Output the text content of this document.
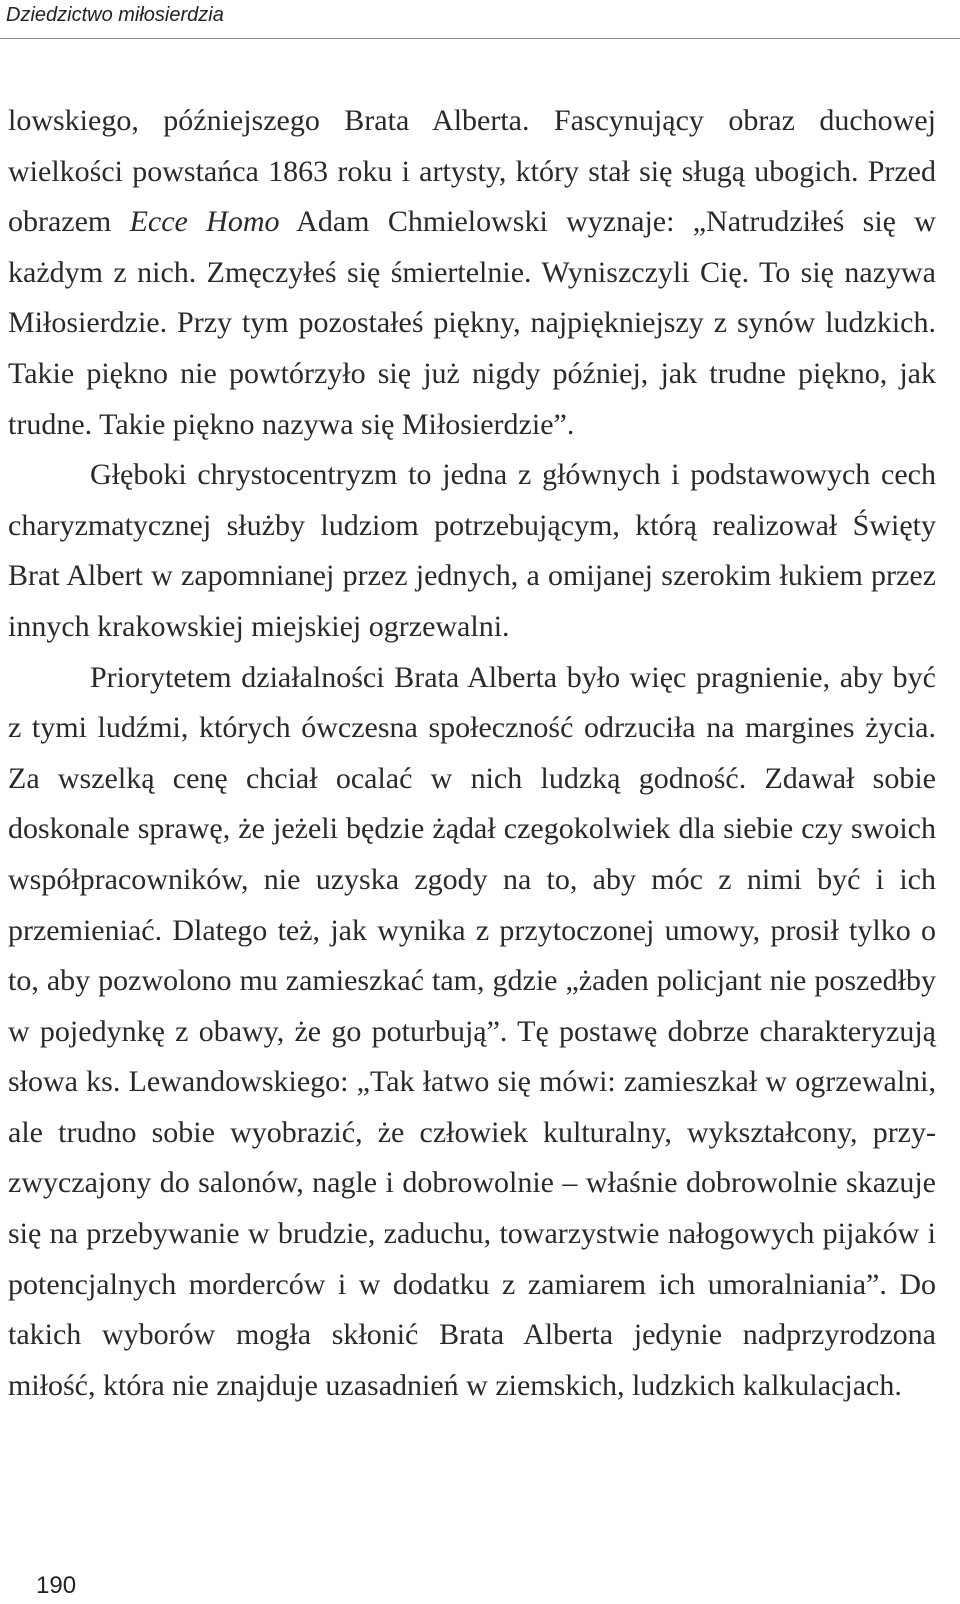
Dziedzictwo miłosierdzia

lowskiego, późniejszego Brata Alberta. Fascynujący obraz duchowej wielkości powstańca 1863 roku i artysty, który stał się sługą ubogich. Przed obrazem Ecce Homo Adam Chmielowski wyznaje: „Natrudziłeś się w każdym z nich. Zmęczyłeś się śmiertelnie. Wyniszczyli Cię. To się nazywa Miłosierdzie. Przy tym pozostałeś piękny, najpiękniejszy z synów ludzkich. Takie piękno nie powtórzyło się już nigdy później, jak trudne piękno, jak trudne. Takie piękno nazywa się Miłosierdzie”.

Głęboki chrystocentryzm to jedna z głównych i podstawowych cech charyzmatycznej służby ludziom potrzebującym, którą realizował Święty Brat Albert w zapomnianej przez jednych, a omijanej szerokim łukiem przez innych krakowskiej miejskiej ogrzewalni.

Priorytetem działalności Brata Alberta było więc pragnienie, aby być z tymi ludźmi, których ówczesna społeczność odrzuciła na margines życia. Za wszelką cenę chciał ocalać w nich ludzką godność. Zdawał sobie doskonale sprawę, że jeżeli będzie żądał czegokolwiek dla siebie czy swoich współpracowników, nie uzyska zgody na to, aby móc z nimi być i ich przemieniać. Dlatego też, jak wynika z przytoczonej umowy, prosił tylko o to, aby pozwolono mu zamieszkać tam, gdzie „żaden policjant nie poszedłby w pojedynkę z obawy, że go poturbują”. Tę postawę dobrze charakteryzują słowa ks. Lewandowskiego: „Tak łatwo się mówi: zamieszkał w ogrzewalni, ale trudno sobie wyobrazić, że człowiek kulturalny, wykształcony, przyzwyczajony do salonów, nagle i dobrowolnie – właśnie dobrowolnie skazuje się na przebywanie w brudzie, zaduchu, towarzystwie nałogowych pijaków i potencjalnych morderców i w dodatku z zamiarem ich umoralniania”. Do takich wyborów mogła skłonić Brata Alberta jedynie nadprzyrodzona miłość, która nie znajduje uzasadnień w ziemskich, ludzkich kalkulacjach.

190
